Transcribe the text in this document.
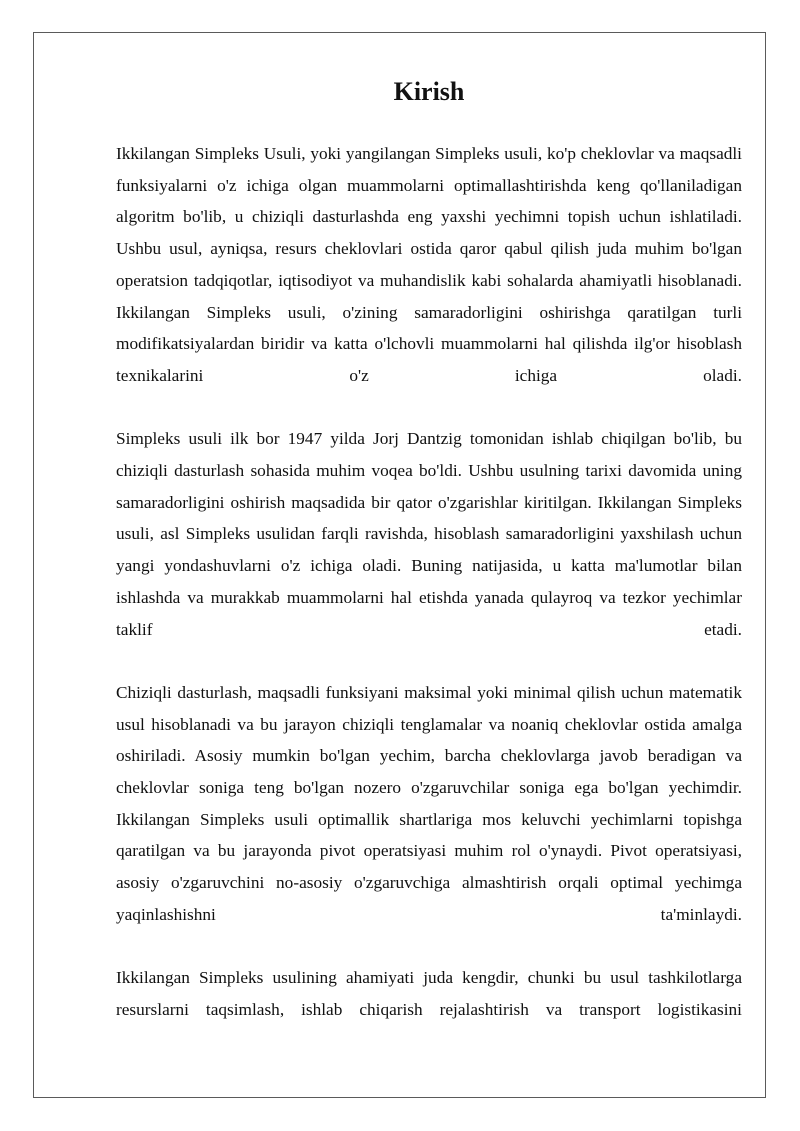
Kirish

Ikkilangan Simpleks Usuli, yoki yangilangan Simpleks usuli, ko'p cheklovlar va maqsadli funksiyalarni o'z ichiga olgan muammolarni optimallashtirishda keng qo'llaniladigan algoritm bo'lib, u chiziqli dasturlashda eng yaxshi yechimni topish uchun ishlatiladi. Ushbu usul, ayniqsa, resurs cheklovlari ostida qaror qabul qilish juda muhim bo'lgan operatsion tadqiqotlar, iqtisodiyot va muhandislik kabi sohalarda ahamiyatli hisoblanadi. Ikkilangan Simpleks usuli, o'zining samaradorligini oshirishga qaratilgan turli modifikatsiyalardan biridir va katta o'lchovli muammolarni hal qilishda ilg'or hisoblash texnikalarini o'z ichiga oladi.

Simpleks usuli ilk bor 1947 yilda Jorj Dantzig tomonidan ishlab chiqilgan bo'lib, bu chiziqli dasturlash sohasida muhim voqea bo'ldi. Ushbu usulning tarixi davomida uning samaradorligini oshirish maqsadida bir qator o'zgarishlar kiritilgan. Ikkilangan Simpleks usuli, asl Simpleks usulidan farqli ravishda, hisoblash samaradorligini yaxshilash uchun yangi yondashuvlarni o'z ichiga oladi. Buning natijasida, u katta ma'lumotlar bilan ishlashda va murakkab muammolarni hal etishda yanada qulayroq va tezkor yechimlar taklif etadi.

Chiziqli dasturlash, maqsadli funksiyani maksimal yoki minimal qilish uchun matematik usul hisoblanadi va bu jarayon chiziqli tenglamalar va noaniq cheklovlar ostida amalga oshiriladi. Asosiy mumkin bo'lgan yechim, barcha cheklovlarga javob beradigan va cheklovlar soniga teng bo'lgan nozero o'zgaruvchilar soniga ega bo'lgan yechimdir. Ikkilangan Simpleks usuli optimallik shartlariga mos keluvchi yechimlarni topishga qaratilgan va bu jarayonda pivot operatsiyasi muhim rol o'ynaydi. Pivot operatsiyasi, asosiy o'zgaruvchini no-asosiy o'zgaruvchiga almashtirish orqali optimal yechimga yaqinlashishni ta'minlaydi.

Ikkilangan Simpleks usulining ahamiyati juda kengdir, chunki bu usul tashkilotlarga resurslarni taqsimlash, ishlab chiqarish rejalashtirish va transport logistikasini
